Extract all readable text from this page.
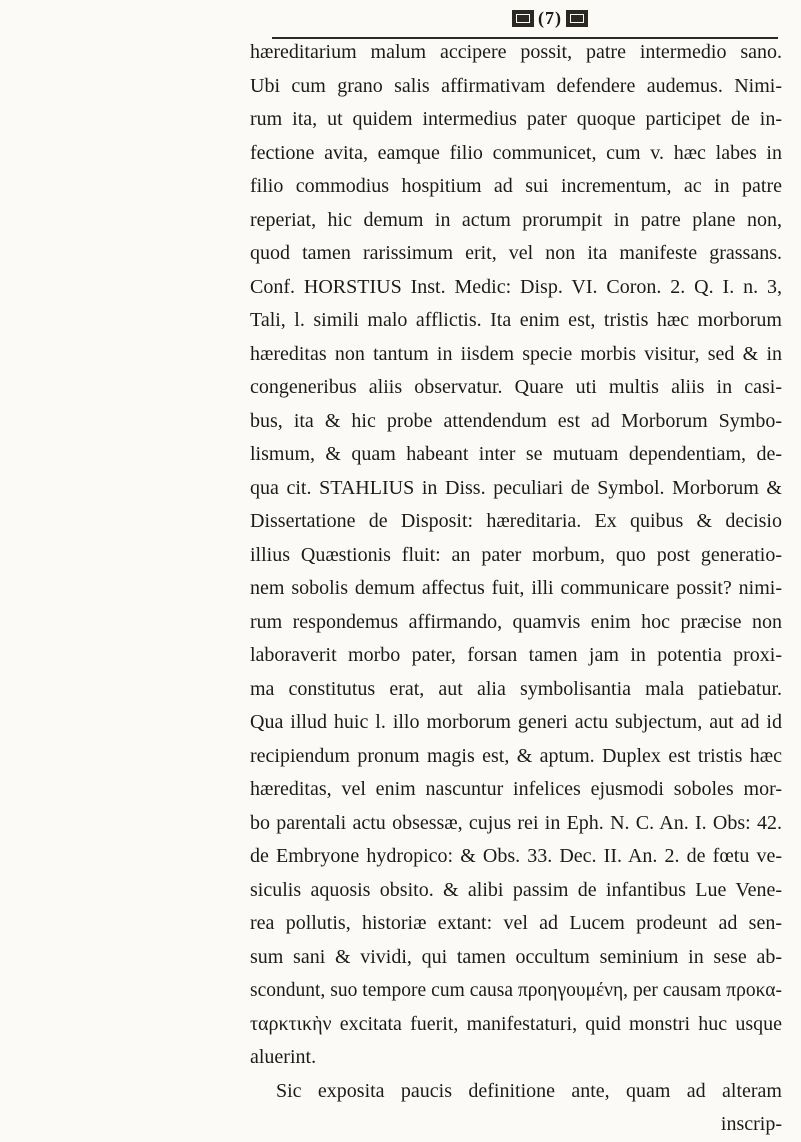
(7)
hæreditarium malum accipere possit, patre intermedio sano.
Ubi cum grano salis affirmativam defendere audemus. Nimi-
rum ita, ut quidem intermedius pater quoque participet de in-
fectione avita, eamque filio communicet, cum v. hæc labes in
filio commodius hospitium ad sui incrementum, ac in patre
reperiat, hic demum in actum prorumpit in patre plane non,
quod tamen rarissimum erit, vel non ita manifeste grassans.
Conf. HORSTIUS Inst. Medic: Disp. VI. Coron. 2. Q. I. n. 3,
Tali, l. simili malo afflictis. Ita enim est, tristis hæc morborum
hæreditas non tantum in iisdem specie morbis visitur, sed & in
congeneribus aliis observatur. Quare uti multis aliis in casi-
bus, ita & hic probe attendendum est ad Morborum Symbo-
lismum, & quam habeant inter se mutuam dependentiam, de-
qua cit. STAHLIUS in Diss. peculiari de Symbol. Morborum &
Dissertatione de Disposit: hæreditaria. Ex quibus & decisio
illius Quæstionis fluit: an pater morbum, quo post generatio-
nem sobolis demum affectus fuit, illi communicare possit? nimi-
rum respondemus affirmando, quamvis enim hoc præcise non
laboraverit morbo pater, forsan tamen jam in potentia proxi-
ma constitutus erat, aut alia symbolisantia mala patiebatur.
Qua illud huic l. illo morborum generi actu subjectum, aut ad id
recipiendum pronum magis est, & aptum. Duplex est tristis hæc
hæreditas, vel enim nascuntur infelices ejusmodi soboles mor-
bo parentali actu obsessæ, cujus rei in Eph. N. C. An. I. Obs: 42.
de Embryone hydropico: & Obs. 33. Dec. II. An. 2. de fœtu ve-
siculis aquosis obsito. & alibi passim de infantibus Lue Vene-
rea pollutis, historiæ extant: vel ad Lucem prodeunt ad sen-
sum sani & vividi, qui tamen occultum seminium in sese ab-
scondunt, suo tempore cum causa προηγουμένη, per causam προκα-
ταρκτικὴν excitata fuerit, manifestaturi, quid monstri huc usque
aluerint.
Sic exposita paucis definitione ante, quam ad alteram
inscrip-
